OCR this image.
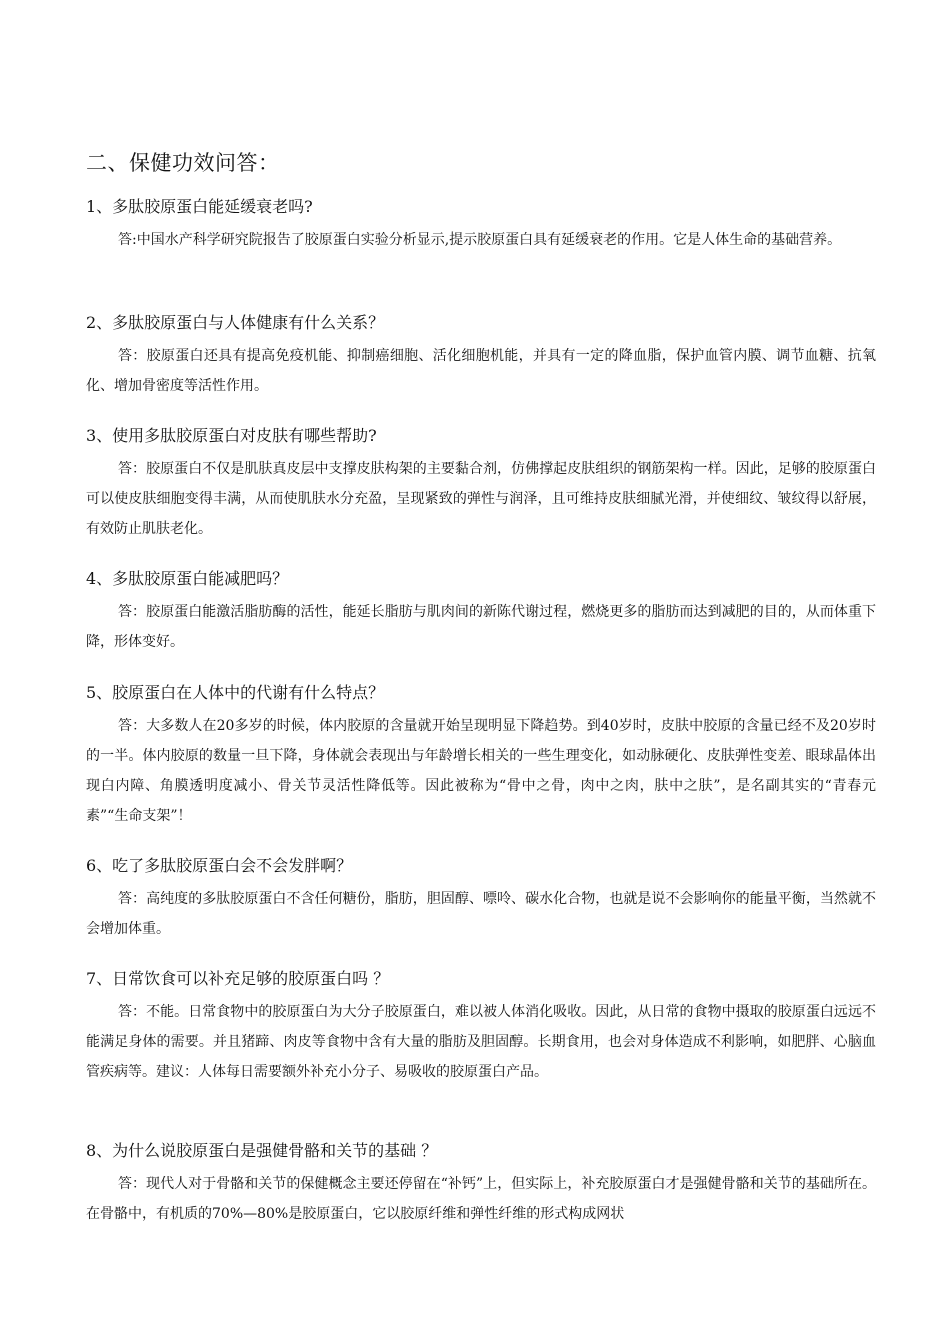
二、保健功效问答：

1、多肽胶原蛋白能延缓衰老吗?

答:中国水产科学研究院报告了胶原蛋白实验分析显示,提示胶原蛋白具有延缓衰老的作用。它是人体生命的基础营养。

2、多肽胶原蛋白与人体健康有什么关系？

答：胶原蛋白还具有提高免疫机能、抑制癌细胞、活化细胞机能，并具有一定的降血脂，保护血管内膜、调节血糖、抗氧化、增加骨密度等活性作用。

3、使用多肽胶原蛋白对皮肤有哪些帮助?

答：胶原蛋白不仅是肌肤真皮层中支撑皮肤构架的主要黏合剂，仿佛撑起皮肤组织的钢筋架构一样。因此，足够的胶原蛋白可以使皮肤细胞变得丰满，从而使肌肤水分充盈，呈现紧致的弹性与润泽，且可维持皮肤细腻光滑，并使细纹、皱纹得以舒展，有效防止肌肤老化。

4、多肽胶原蛋白能减肥吗？

答：胶原蛋白能激活脂肪酶的活性，能延长脂肪与肌肉间的新陈代谢过程，燃烧更多的脂肪而达到减肥的目的，从而体重下降，形体变好。

5、胶原蛋白在人体中的代谢有什么特点？

答：大多数人在20多岁的时候，体内胶原的含量就开始呈现明显下降趋势。到40岁时，皮肤中胶原的含量已经不及20岁时的一半。体内胶原的数量一旦下降，身体就会表现出与年龄增长相关的一些生理变化，如动脉硬化、皮肤弹性变差、眼球晶体出现白内障、角膜透明度减小、骨关节灵活性降低等。因此被称为“骨中之骨，肉中之肉，肤中之肤”，是名副其实的“青春元素”“生命支架”！

6、吃了多肽胶原蛋白会不会发胖啊？

答：高纯度的多肽胶原蛋白不含任何糖份，脂肪，胆固醇、嘌呤、碳水化合物，也就是说不会影响你的能量平衡，当然就不会增加体重。

7、日常饮食可以补充足够的胶原蛋白吗 ？

答：不能。日常食物中的胶原蛋白为大分子胶原蛋白，难以被人体消化吸收。因此，从日常的食物中摄取的胶原蛋白远远不能满足身体的需要。并且猪蹄、肉皮等食物中含有大量的脂肪及胆固醇。长期食用，也会对身体造成不利影响，如肥胖、心脑血管疾病等。建议：人体每日需要额外补充小分子、易吸收的胶原蛋白产品。

8、为什么说胶原蛋白是强健骨骼和关节的基础 ？

答：现代人对于骨骼和关节的保健概念主要还停留在“补钙”上，但实际上，补充胶原蛋白才是强健骨骼和关节的基础所在。在骨骼中，有机质的70%—80%是胶原蛋白，它以胶原纤维和弹性纤维的形式构成网状
